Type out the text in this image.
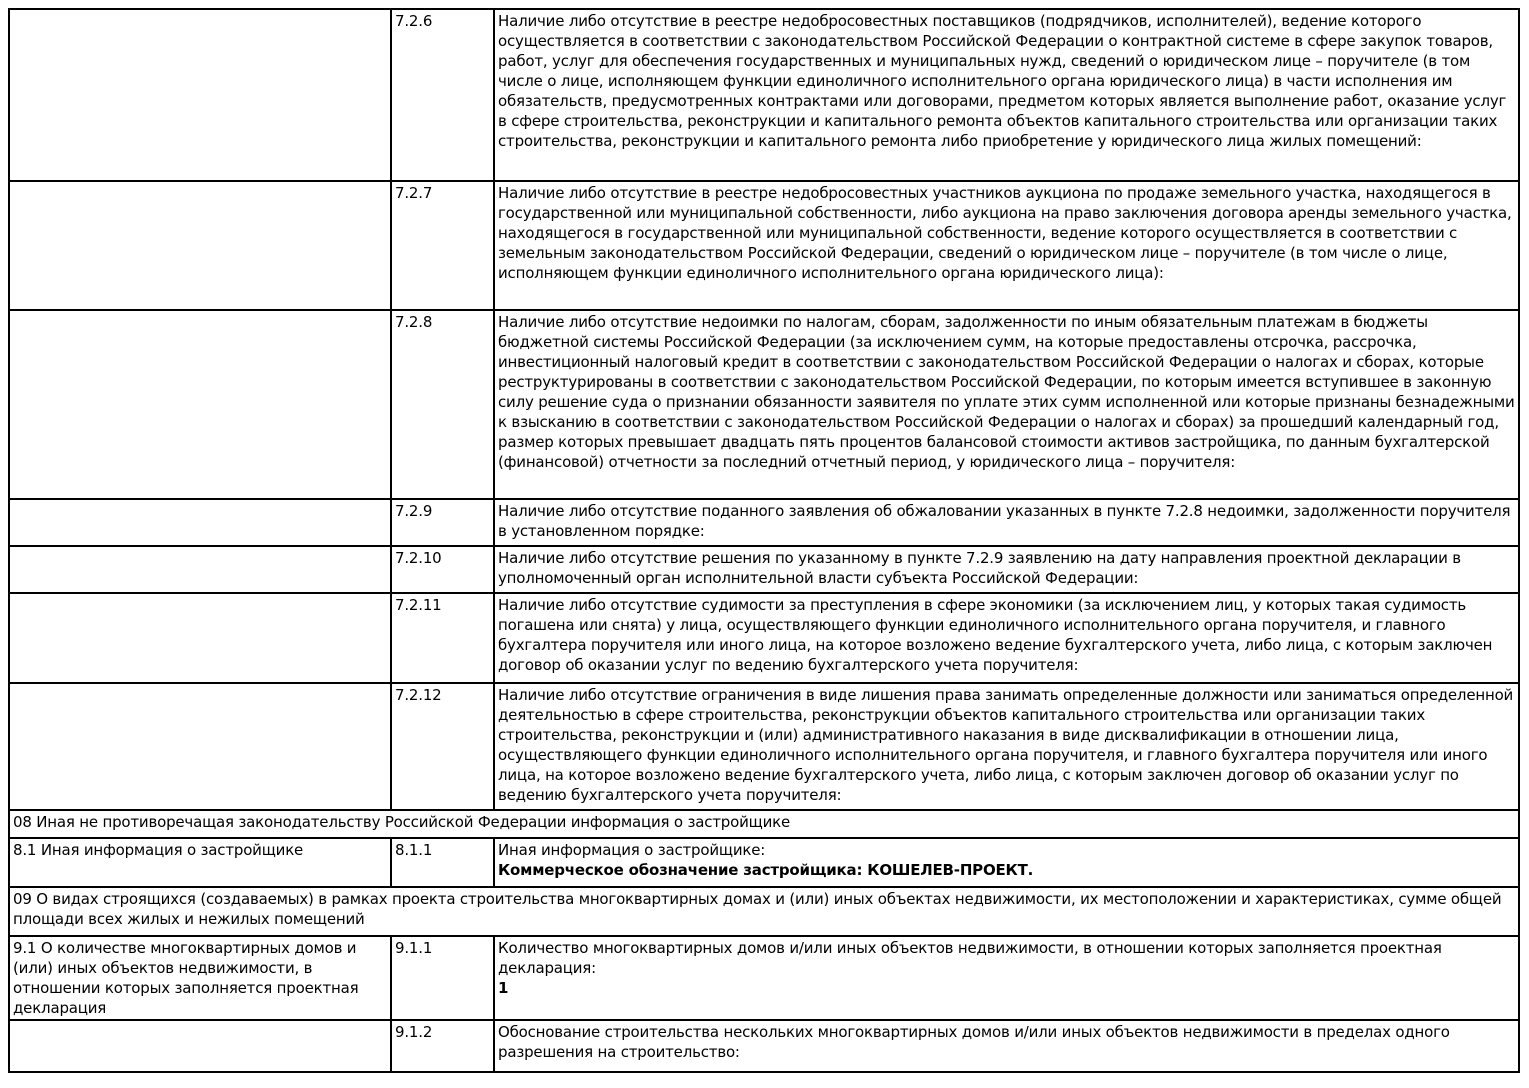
	7.2.6	Наличие либо отсутствие в реестре недобросовестных поставщиков (подрядчиков, исполнителей), ведение которого осуществляется в соответствии с законодательством Российской Федерации о контрактной системе в сфере закупок товаров, работ, услуг для обеспечения государственных и муниципальных нужд, сведений о юридическом лице – поручителе (в том числе о лице, исполняющем функции единоличного исполнительного органа юридического лица) в части исполнения им обязательств, предусмотренных контрактами или договорами, предметом которых является выполнение работ, оказание услуг в сфере строительства, реконструкции и капитального ремонта объектов капитального строительства или организации таких строительства, реконструкции и капитального ремонта либо приобретение у юридического лица жилых помещений:
	7.2.7	Наличие либо отсутствие в реестре недобросовестных участников аукциона по продаже земельного участка, находящегося в государственной или муниципальной собственности, либо аукциона на право заключения договора аренды земельного участка, находящегося в государственной или муниципальной собственности, ведение которого осуществляется в соответствии с земельным законодательством Российской Федерации, сведений о юридическом лице – поручителе (в том числе о лице, исполняющем функции единоличного исполнительного органа юридического лица):
	7.2.8	Наличие либо отсутствие недоимки по налогам, сборам, задолженности по иным обязательным платежам в бюджеты бюджетной системы Российской Федерации (за исключением сумм, на которые предоставлены отсрочка, рассрочка, инвестиционный налоговый кредит в соответствии с законодательством Российской Федерации о налогах и сборах, которые реструктурированы в соответствии с законодательством Российской Федерации, по которым имеется вступившее в законную силу решение суда о признании обязанности заявителя по уплате этих сумм исполненной или которые признаны безнадежными к взысканию в соответствии с законодательством Российской Федерации о налогах и сборах) за прошедший календарный год, размер которых превышает двадцать пять процентов балансовой стоимости активов застройщика, по данным бухгалтерской (финансовой) отчетности за последний отчетный период, у юридического лица – поручителя:
	7.2.9	Наличие либо отсутствие поданного заявления об обжаловании указанных в пункте 7.2.8 недоимки, задолженности поручителя в установленном порядке:
	7.2.10	Наличие либо отсутствие решения по указанному в пункте 7.2.9 заявлению на дату направления проектной декларации в уполномоченный орган исполнительной власти субъекта Российской Федерации:
	7.2.11	Наличие либо отсутствие судимости за преступления в сфере экономики (за исключением лиц, у которых такая судимость погашена или снята) у лица, осуществляющего функции единоличного исполнительного органа поручителя, и главного бухгалтера поручителя или иного лица, на которое возложено ведение бухгалтерского учета, либо лица, с которым заключен договор об оказании услуг по ведению бухгалтерского учета поручителя:
	7.2.12	Наличие либо отсутствие ограничения в виде лишения права занимать определенные должности или заниматься определенной деятельностью в сфере строительства, реконструкции объектов капитального строительства или организации таких строительства, реконструкции и (или) административного наказания в виде дисквалификации в отношении лица, осуществляющего функции единоличного исполнительного органа поручителя, и главного бухгалтера поручителя или иного лица, на которое возложено ведение бухгалтерского учета, либо лица, с которым заключен договор об оказании услуг по ведению бухгалтерского учета поручителя:
08 Иная не противоречащая законодательству Российской Федерации информация о застройщике		
8.1 Иная информация о застройщике	8.1.1	Иная информация о застройщике:
Коммерческое обозначение застройщика: КОШЕЛЕВ-ПРОЕКТ.

09 О видах строящихся (создаваемых) в рамках проекта строительства многоквартирных домах и (или) иных объектах недвижимости, их местоположении и характеристиках, сумме общей площади всех жилых и нежилых помещений		
9.1 О количестве многоквартирных домов и (или) иных объектов недвижимости, в отношении которых заполняется проектная декларация	9.1.1	Количество многоквартирных домов и/или иных объектов недвижимости, в отношении которых заполняется проектная декларация:
1

	9.1.2	Обоснование строительства нескольких многоквартирных домов и/или иных объектов недвижимости в пределах одного разрешения на строительство:
